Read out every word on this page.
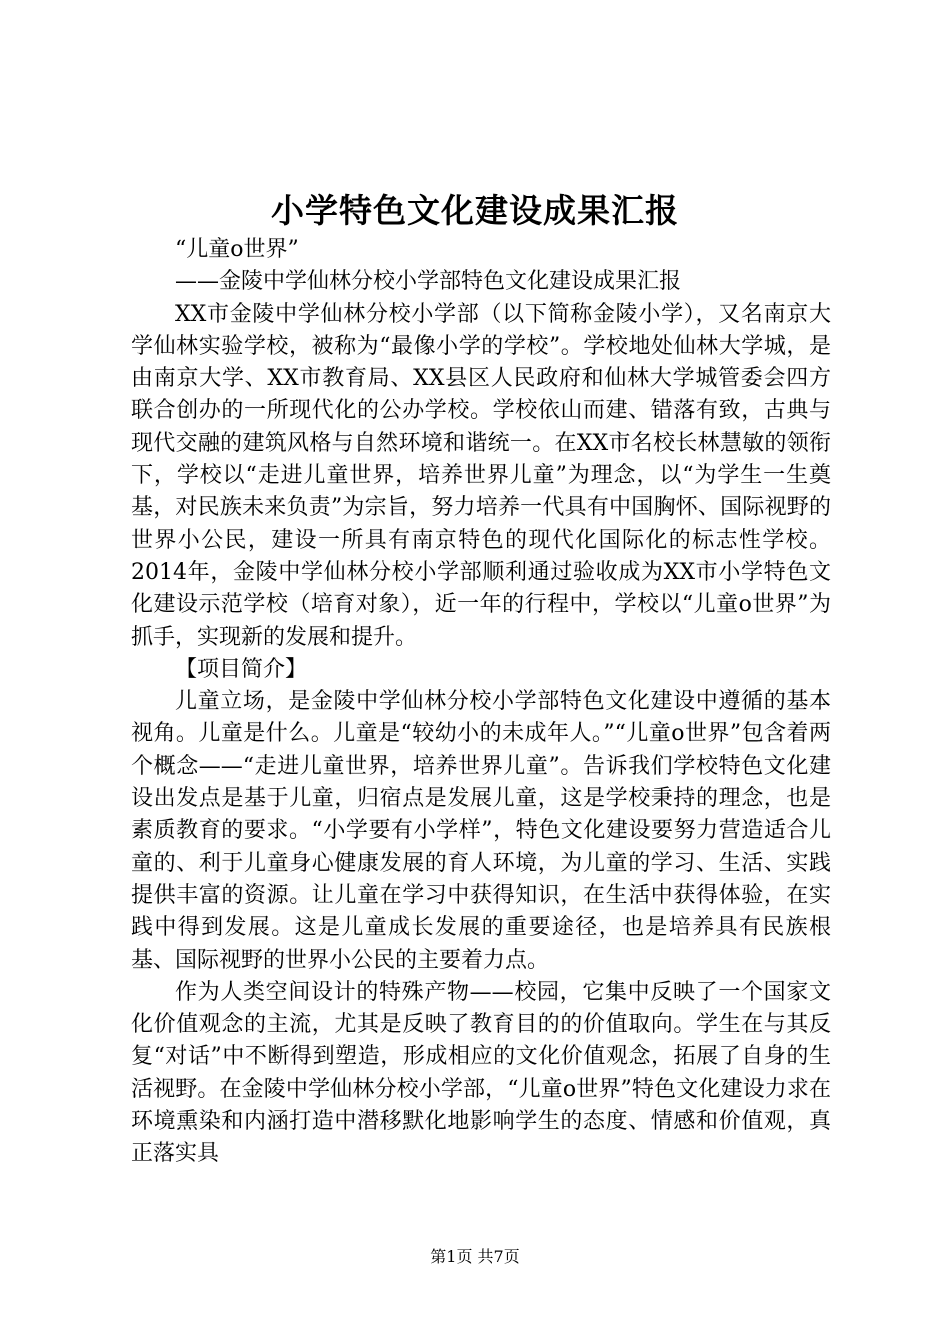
小学特色文化建设成果汇报

“儿童o世界”

——金陵中学仙林分校小学部特色文化建设成果汇报

XX市金陵中学仙林分校小学部（以下简称金陵小学），又名南京大学仙林实验学校，被称为“最像小学的学校”。学校地处仙林大学城，是由南京大学、XX市教育局、XX县区人民政府和仙林大学城管委会四方联合创办的一所现代化的公办学校。学校依山而建、错落有致，古典与现代交融的建筑风格与自然环境和谐统一。在XX市名校长林慧敏的领衔下，学校以“走进儿童世界，培养世界儿童”为理念，以“为学生一生奠基，对民族未来负责”为宗旨，努力培养一代具有中国胸怀、国际视野的世界小公民，建设一所具有南京特色的现代化国际化的标志性学校。2014年，金陵中学仙林分校小学部顺利通过验收成为XX市小学特色文化建设示范学校（培育对象），近一年的行程中，学校以“儿童o世界”为抓手，实现新的发展和提升。

【项目简介】

儿童立场，是金陵中学仙林分校小学部特色文化建设中遵循的基本视角。儿童是什么。儿童是“较幼小的未成年人。”“儿童o世界”包含着两个概念——“走进儿童世界，培养世界儿童”。告诉我们学校特色文化建设出发点是基于儿童，归宿点是发展儿童，这是学校秉持的理念，也是素质教育的要求。“小学要有小学样”，特色文化建设要努力营造适合儿童的、利于儿童身心健康发展的育人环境，为儿童的学习、生活、实践提供丰富的资源。让儿童在学习中获得知识，在生活中获得体验，在实践中得到发展。这是儿童成长发展的重要途径，也是培养具有民族根基、国际视野的世界小公民的主要着力点。

作为人类空间设计的特殊产物——校园，它集中反映了一个国家文化价值观念的主流，尤其是反映了教育目的的价值取向。学生在与其反复“对话”中不断得到塑造，形成相应的文化价值观念，拓展了自身的生活视野。在金陵中学仙林分校小学部，“儿童o世界”特色文化建设力求在环境熏染和内涵打造中潜移默化地影响学生的态度、情感和价值观，真正落实具

第1页 共7页
